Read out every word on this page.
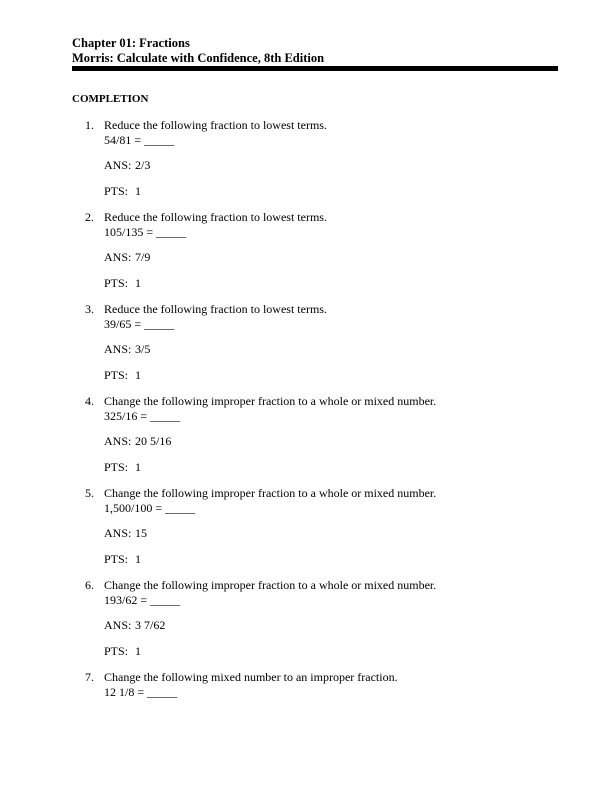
Chapter 01: Fractions
Morris: Calculate with Confidence, 8th Edition
COMPLETION
1. Reduce the following fraction to lowest terms.
54/81 = _____
ANS: 2/3
PTS: 1
2. Reduce the following fraction to lowest terms.
105/135 = _____
ANS: 7/9
PTS: 1
3. Reduce the following fraction to lowest terms.
39/65 = _____
ANS: 3/5
PTS: 1
4. Change the following improper fraction to a whole or mixed number.
325/16 = _____
ANS: 20 5/16
PTS: 1
5. Change the following improper fraction to a whole or mixed number.
1,500/100 = _____
ANS: 15
PTS: 1
6. Change the following improper fraction to a whole or mixed number.
193/62 = _____
ANS: 3 7/62
PTS: 1
7. Change the following mixed number to an improper fraction.
12 1/8 = _____
